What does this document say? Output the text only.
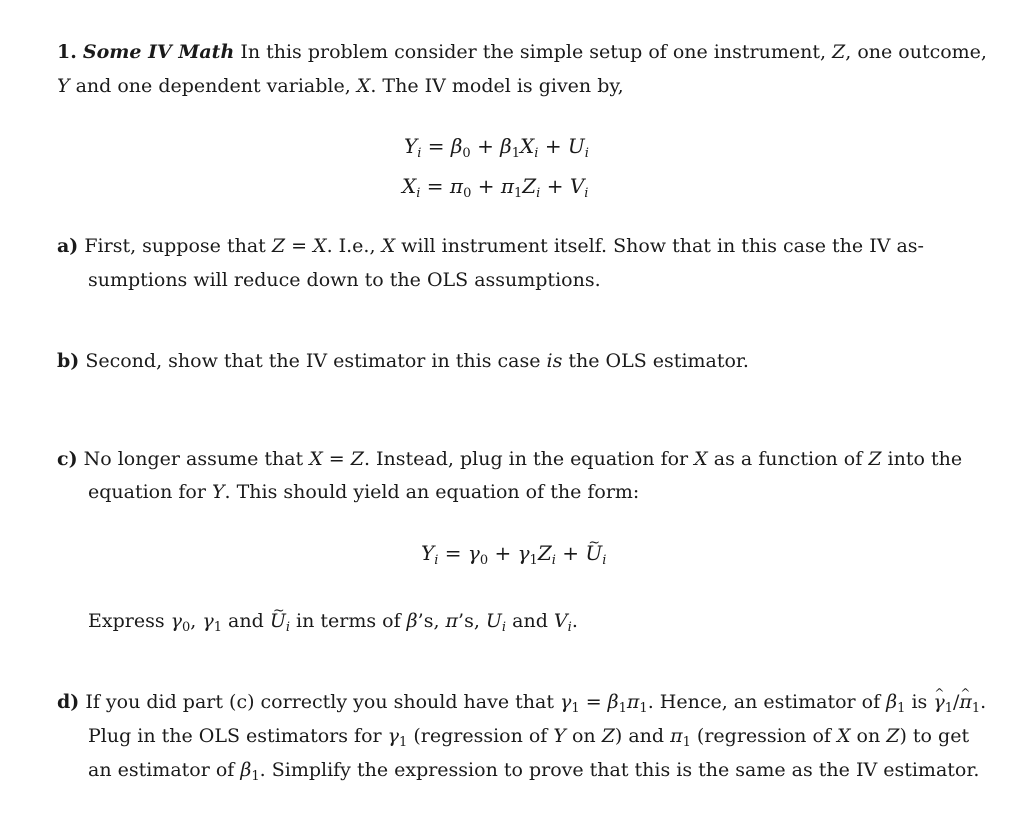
1. Some IV Math In this problem consider the simple setup of one instrument, Z, one outcome,
Y and one dependent variable, X. The IV model is given by,
$Y_i = \beta_0 + \beta_1X_i + U_i$
$X_i = \pi_0 + \pi_1Z_i + V_i$
a) First, suppose that Z = X. I.e., X will instrument itself. Show that in this case the IV as-
sumptions will reduce down to the OLS assumptions.
b) Second, show that the IV estimator in this case is the OLS estimator.
c) No longer assume that X = Z. Instead, plug in the equation for X as a function of Z into the
equation for Y. This should yield an equation of the form:
$Y_i = \gamma_0 + \gamma_1Z_i$ + ~ $U_i$
Express $\gamma_0$, $\gamma_1$ and ~ $U_i$ in terms of β’s, π’s, $U_i$ and $V_i$.
d) If you did part (c) correctly you should have that $\gamma_1 = \beta_1\pi_1$. Hence, an estimator of $\beta_1$ is ^ $\gamma_1/\^{}$ $\pi_1$.
Plug in the OLS estimators for $\gamma_1$ (regression of Y on Z) and $\pi_1$ (regression of X on Z) to get
an estimator of $\beta_1$. Simplify the expression to prove that this is the same as the IV estimator.
